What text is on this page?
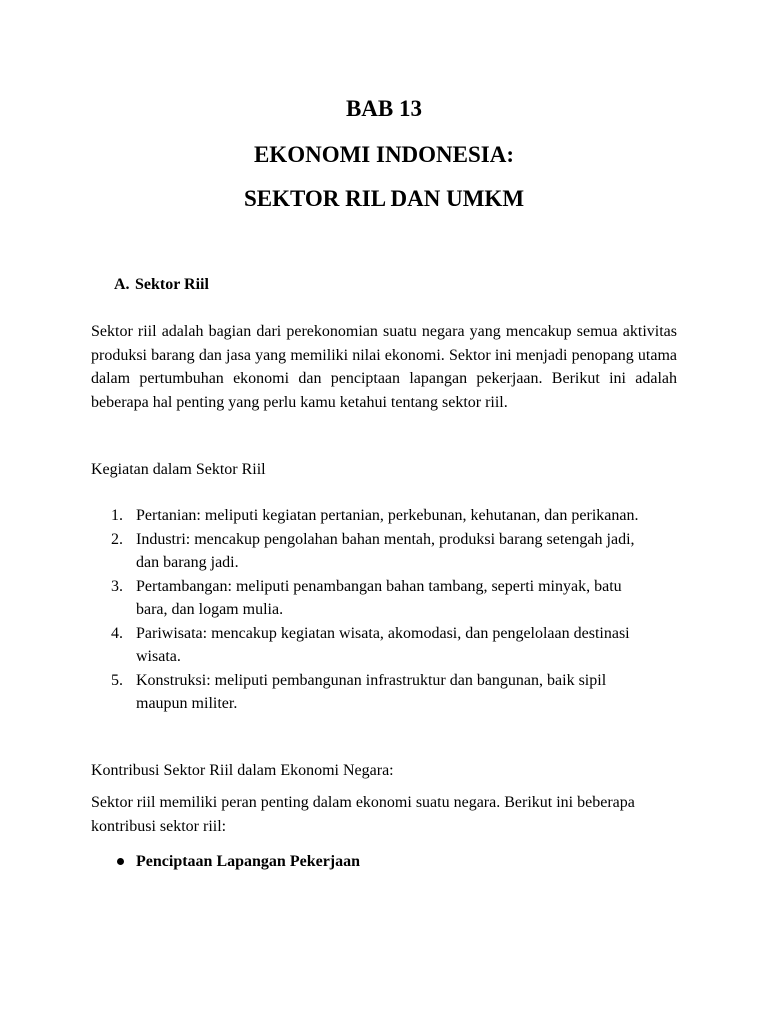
BAB 13
EKONOMI INDONESIA:
SEKTOR RIL DAN UMKM
A. Sektor Riil

Sektor riil adalah bagian dari perekonomian suatu negara yang mencakup semua aktivitas produksi barang dan jasa yang memiliki nilai ekonomi. Sektor ini menjadi penopang utama dalam pertumbuhan ekonomi dan penciptaan lapangan pekerjaan. Berikut ini adalah beberapa hal penting yang perlu kamu ketahui tentang sektor riil.

Kegiatan dalam Sektor Riil

1. Pertanian: meliputi kegiatan pertanian, perkebunan, kehutanan, dan perikanan.
2. Industri: mencakup pengolahan bahan mentah, produksi barang setengah jadi, dan barang jadi.
3. Pertambangan: meliputi penambangan bahan tambang, seperti minyak, batu bara, dan logam mulia.
4. Pariwisata: mencakup kegiatan wisata, akomodasi, dan pengelolaan destinasi wisata.
5. Konstruksi: meliputi pembangunan infrastruktur dan bangunan, baik sipil maupun militer.

Kontribusi Sektor Riil dalam Ekonomi Negara:

Sektor riil memiliki peran penting dalam ekonomi suatu negara. Berikut ini beberapa kontribusi sektor riil:

Penciptaan Lapangan Pekerjaan
